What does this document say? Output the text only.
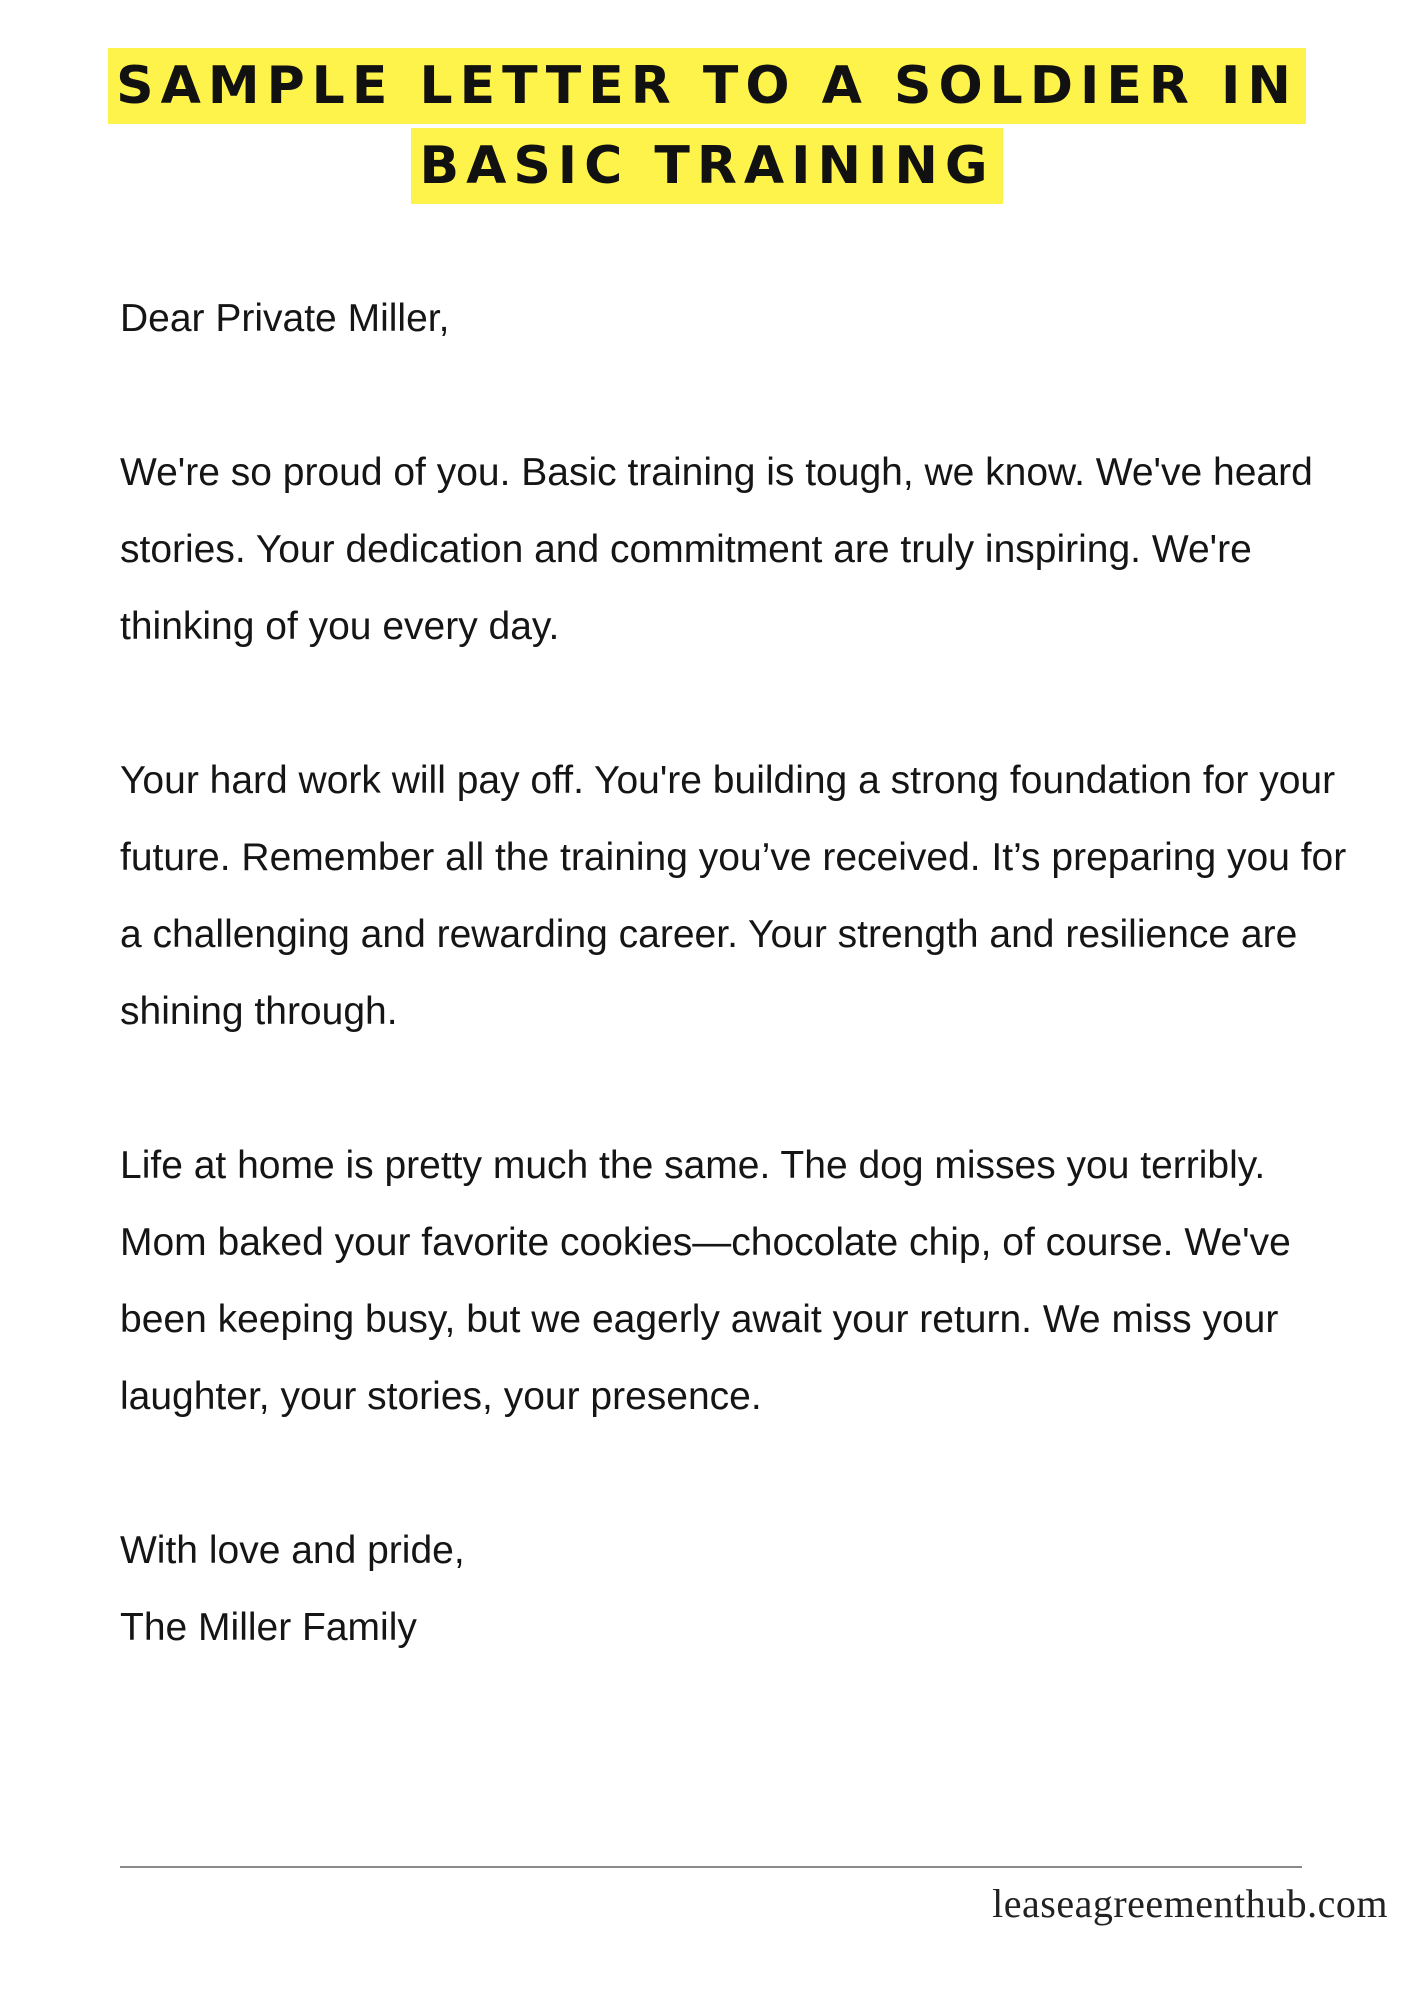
SAMPLE LETTER TO A SOLDIER IN
BASIC TRAINING

Dear Private Miller,

We're so proud of you. Basic training is tough, we know. We've heard stories. Your dedication and commitment are truly inspiring. We're thinking of you every day.

Your hard work will pay off. You're building a strong foundation for your future. Remember all the training you’ve received. It’s preparing you for a challenging and rewarding career. Your strength and resilience are shining through.

Life at home is pretty much the same. The dog misses you terribly. Mom baked your favorite cookies—chocolate chip, of course. We've been keeping busy, but we eagerly await your return. We miss your laughter, your stories, your presence.

With love and pride,
The Miller Family
leaseagreementhub.com
